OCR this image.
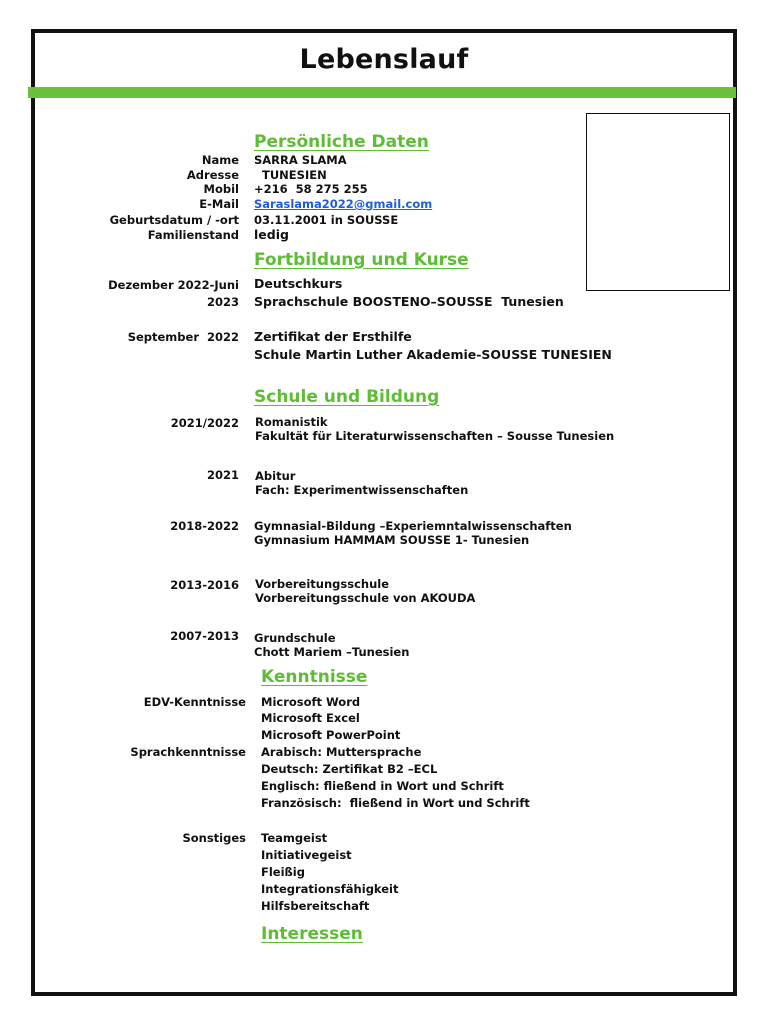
Lebenslauf
Persönliche Daten
Name SARRA SLAMA
Adresse TUNESIEN
Mobil +216  58 275 255
E-Mail Saraslama2022@gmail.com
Geburtsdatum / -ort 03.11.2001 in SOUSSE
Familienstand ledig
Fortbildung und Kurse
Dezember 2022-Juni
2023
Deutschkurs
Sprachschule BOOSTENO–SOUSSE  Tunesien
September  2022 Zertifikat der Ersthilfe
Schule Martin Luther Akademie-SOUSSE TUNESIEN
Schule und Bildung
2021/2022 Romanistik
Fakultät für Literaturwissenschaften – Sousse Tunesien
2021 Abitur
Fach: Experimentwissenschaften
2018-2022 Gymnasial-Bildung –Experiemntalwissenschaften
Gymnasium HAMMAM SOUSSE 1- Tunesien
2013-2016 Vorbereitungsschule
Vorbereitungsschule von AKOUDA
2007-2013 Grundschule
Chott Mariem –Tunesien
Kenntnisse
EDV-Kenntnisse Microsoft Word
Microsoft Excel
Microsoft PowerPoint
Sprachkenntnisse Arabisch: Muttersprache
Deutsch: Zertifikat B2 –ECL
Englisch: fließend in Wort und Schrift
Französisch:  fließend in Wort und Schrift
Sonstiges Teamgeist
Initiativegeist
Fleißig
Integrationsfähigkeit
Hilfsbereitschaft
Interessen
